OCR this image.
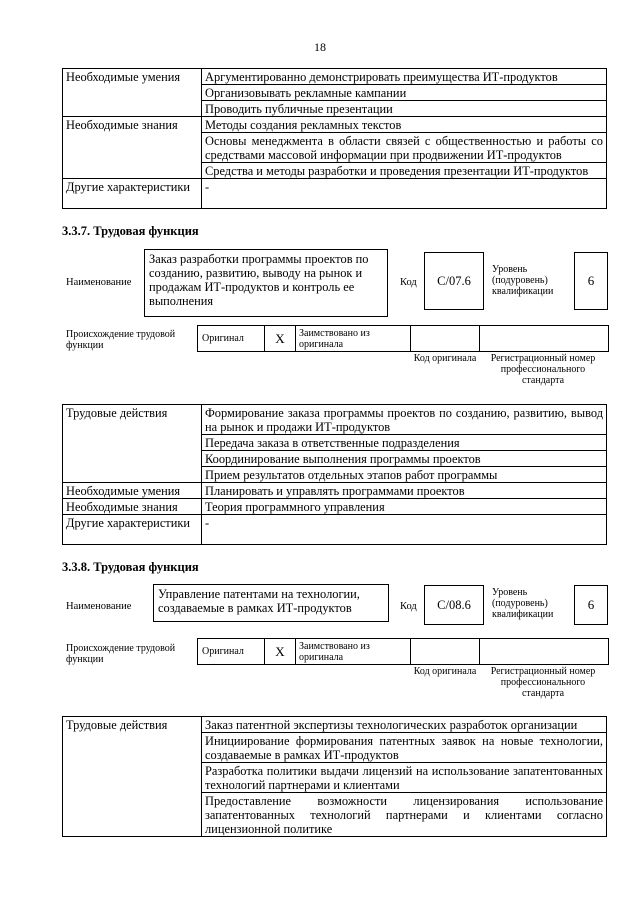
18
Необходимые умения	Аргументированно демонстрировать преимущества ИТ-продуктов
	Организовывать рекламные кампании
	Проводить публичные презентации
Необходимые знания	Методы создания рекламных текстов
	Основы менеджмента в области связей с общественностью и работы со средствами массовой информации при продвижении ИТ-продуктов
	Средства и методы разработки и проведения презентации ИТ-продуктов
Другие характеристики	-
3.3.7. Трудовая функция
Наименование
Заказ разработки программы проектов по созданию, развитию, выводу на рынок и продажам ИТ-продуктов и контроль ее выполнения
Код	C/07.6
Уровень (подуровень) квалификации
6
Происхождение трудовой функции
Оригинал	X	Заимствовано из оригинала		
Код оригинала	Регистрационный номер профессионального стандарта
Трудовые действия	Формирование заказа программы проектов по созданию, развитию, вывод на рынок и продажи ИТ-продуктов
	Передача заказа в ответственные подразделения
	Координирование выполнения программы проектов
	Прием результатов отдельных этапов работ программы
Необходимые умения	Планировать и управлять программами проектов
Необходимые знания	Теория программного управления
Другие характеристики	-
3.3.8. Трудовая функция
Наименование
Управление патентами на технологии, создаваемые в рамках ИТ-продуктов	Код	C/08.6
Уровень (подуровень) квалификации
6
Происхождение трудовой функции
Оригинал	X	Заимствовано из оригинала		
Код оригинала	Регистрационный номер профессионального стандарта
Трудовые действия	Заказ патентной экспертизы технологических разработок организации
Инициирование формирования патентных заявок на новые технологии, создаваемые в рамках ИТ-продуктов
Разработка политики выдачи лицензий на использование запатентованных технологий партнерами и клиентами
Предоставление возможности лицензирования использование запатентованных технологий партнерами и клиентами согласно лицензионной политике
